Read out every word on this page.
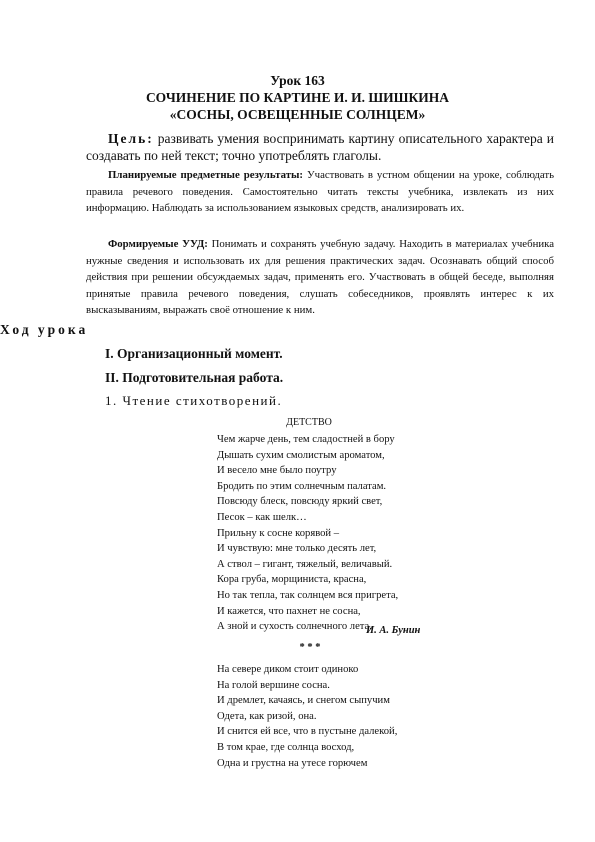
Урок 163
СОЧИНЕНИЕ ПО КАРТИНЕ И. И. ШИШКИНА
«СОСНЫ, ОСВЕЩЕННЫЕ СОЛНЦЕМ»
Цель: развивать умения воспринимать картину описательного характера и создавать по ней текст; точно употреблять глаголы.
Планируемые предметные результаты: Участвовать в устном общении на уроке, соблюдать правила речевого поведения. Самостоятельно читать тексты учебника, извлекать из них информацию. Наблюдать за использованием языковых средств, анализировать их.
Формируемые УУД: Понимать и сохранять учебную задачу. Находить в материалах учебника нужные сведения и использовать их для решения практических задач. Осознавать общий способ действия при решении обсуждаемых задач, применять его. Участвовать в общей беседе, выполняя принятые правила речевого поведения, слушать собеседников, проявлять интерес к их высказываниям, выражать своё отношение к ним.
Ход урока
I. Организационный момент.
II. Подготовительная работа.
1. Чтение стихотворений.
ДЕТСТВО
Чем жарче день, тем сладостней в бору
Дышать сухим смолистым ароматом,
И весело мне было поутру
Бродить по этим солнечным палатам.
Повсюду блеск, повсюду яркий свет,
Песок – как шелк…
Прильну к сосне корявой –
И чувствую: мне только десять лет,
А ствол – гигант, тяжелый, величавый.
Кора груба, морщиниста, красна,
Но так тепла, так солнцем вся пригрета,
И кажется, что пахнет не сосна,
А зной и сухость солнечного лета.
И. А. Бунин
* * *
На севере диком стоит одиноко
На голой вершине сосна.
И дремлет, качаясь, и снегом сыпучим
Одета, как ризой, она.
И снится ей все, что в пустыне далекой,
В том крае, где солнца восход,
Одна и грустна на утесе горючем
